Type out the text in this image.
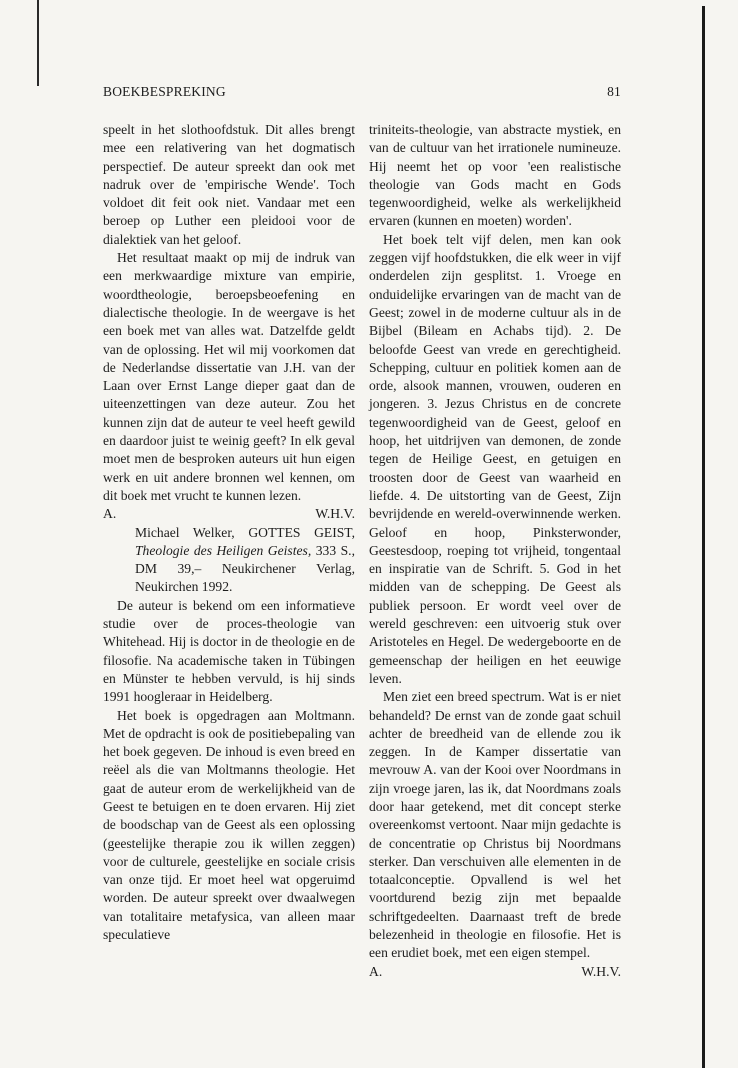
BOEKBESPREKING	81

speelt in het slothoofdstuk. Dit alles brengt mee een relativering van het dogmatisch perspectief. De auteur spreekt dan ook met nadruk over de 'empirische Wende'. Toch voldoet dit feit ook niet. Vandaar met een beroep op Luther een pleidooi voor de dialektiek van het geloof.

Het resultaat maakt op mij de indruk van een merkwaardige mixture van empirie, woordtheologie, beroepsbeoefening en dialectische theologie. In de weergave is het een boek met van alles wat. Datzelfde geldt van de oplossing. Het wil mij voorkomen dat de Nederlandse dissertatie van J.H. van der Laan over Ernst Lange dieper gaat dan de uiteenzettingen van deze auteur. Zou het kunnen zijn dat de auteur te veel heeft gewild en daardoor juist te weinig geeft? In elk geval moet men de besproken auteurs uit hun eigen werk en uit andere bronnen wel kennen, om dit boek met vrucht te kunnen lezen.

A.	W.H.V.

Michael Welker, GOTTES GEIST, Theologie des Heiligen Geistes, 333 S., DM 39,– Neukirchener Verlag, Neukirchen 1992.

De auteur is bekend om een informatieve studie over de proces-theologie van Whitehead. Hij is doctor in de theologie en de filosofie. Na academische taken in Tübingen en Münster te hebben vervuld, is hij sinds 1991 hoogleraar in Heidelberg.

Het boek is opgedragen aan Moltmann. Met de opdracht is ook de positiebepaling van het boek gegeven. De inhoud is even breed en reëel als die van Moltmanns theologie. Het gaat de auteur erom de werkelijkheid van de Geest te betuigen en te doen ervaren. Hij ziet de boodschap van de Geest als een oplossing (geestelijke therapie zou ik willen zeggen) voor de culturele, geestelijke en sociale crisis van onze tijd. Er moet heel wat opgeruimd worden. De auteur spreekt over dwaalwegen van totalitaire metafysica, van alleen maar speculatieve

triniteits-theologie, van abstracte mystiek, en van de cultuur van het irrationele numineuze. Hij neemt het op voor 'een realistische theologie van Gods macht en Gods tegenwoordigheid, welke als werkelijkheid ervaren (kunnen en moeten) worden'.

Het boek telt vijf delen, men kan ook zeggen vijf hoofdstukken, die elk weer in vijf onderdelen zijn gesplitst. 1. Vroege en onduidelijke ervaringen van de macht van de Geest; zowel in de moderne cultuur als in de Bijbel (Bileam en Achabs tijd). 2. De beloofde Geest van vrede en gerechtigheid. Schepping, cultuur en politiek komen aan de orde, alsook mannen, vrouwen, ouderen en jongeren. 3. Jezus Christus en de concrete tegenwoordigheid van de Geest, geloof en hoop, het uitdrijven van demonen, de zonde tegen de Heilige Geest, en getuigen en troosten door de Geest van waarheid en liefde. 4. De uitstorting van de Geest, Zijn bevrijdende en wereld-overwinnende werken. Geloof en hoop, Pinksterwonder, Geestesdoop, roeping tot vrijheid, tongentaal en inspiratie van de Schrift. 5. God in het midden van de schepping. De Geest als publiek persoon. Er wordt veel over de wereld geschreven: een uitvoerig stuk over Aristoteles en Hegel. De wedergeboorte en de gemeenschap der heiligen en het eeuwige leven.

Men ziet een breed spectrum. Wat is er niet behandeld? De ernst van de zonde gaat schuil achter de breedheid van de ellende zou ik zeggen. In de Kamper dissertatie van mevrouw A. van der Kooi over Noordmans in zijn vroege jaren, las ik, dat Noordmans zoals door haar getekend, met dit concept sterke overeenkomst vertoont. Naar mijn gedachte is de concentratie op Christus bij Noordmans sterker. Dan verschuiven alle elementen in de totaalconceptie. Opvallend is wel het voortdurend bezig zijn met bepaalde schriftgedeelten. Daarnaast treft de brede belezenheid in theologie en filosofie. Het is een erudiet boek, met een eigen stempel.

A.	W.H.V.
